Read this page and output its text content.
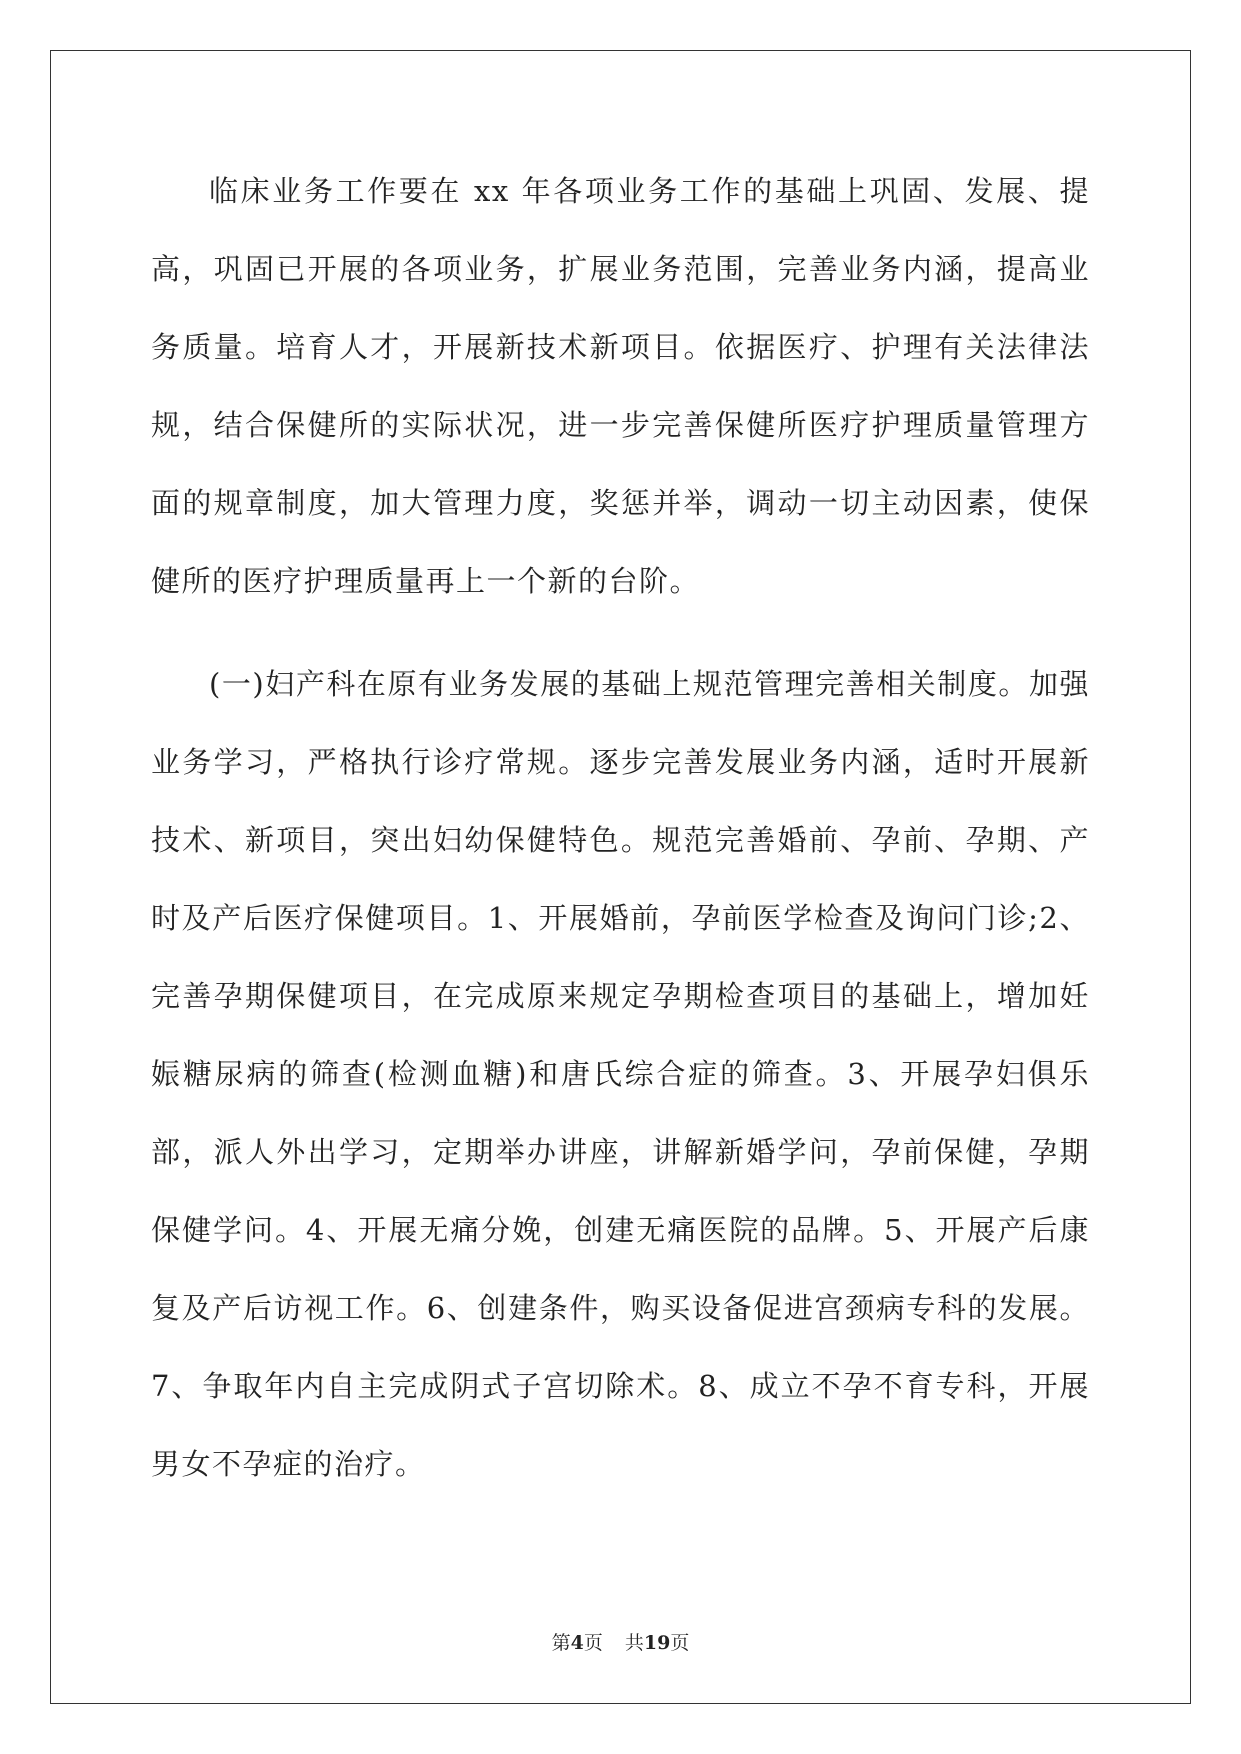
临床业务工作要在 xx 年各项业务工作的基础上巩固、发展、提高，巩固已开展的各项业务，扩展业务范围，完善业务内涵，提高业务质量。培育人才，开展新技术新项目。依据医疗、护理有关法律法规，结合保健所的实际状况，进一步完善保健所医疗护理质量管理方面的规章制度，加大管理力度，奖惩并举，调动一切主动因素，使保健所的医疗护理质量再上一个新的台阶。

(一)妇产科在原有业务发展的基础上规范管理完善相关制度。加强业务学习，严格执行诊疗常规。逐步完善发展业务内涵，适时开展新技术、新项目，突出妇幼保健特色。规范完善婚前、孕前、孕期、产时及产后医疗保健项目。1、开展婚前，孕前医学检查及询问门诊;2、完善孕期保健项目，在完成原来规定孕期检查项目的基础上，增加妊娠糖尿病的筛查(检测血糖)和唐氏综合症的筛查。3、开展孕妇俱乐部，派人外出学习，定期举办讲座，讲解新婚学问，孕前保健，孕期保健学问。4、开展无痛分娩，创建无痛医院的品牌。5、开展产后康复及产后访视工作。6、创建条件，购买设备促进宫颈病专科的发展。7、争取年内自主完成阴式子宫切除术。8、成立不孕不育专科，开展男女不孕症的治疗。

第4页 共19页
